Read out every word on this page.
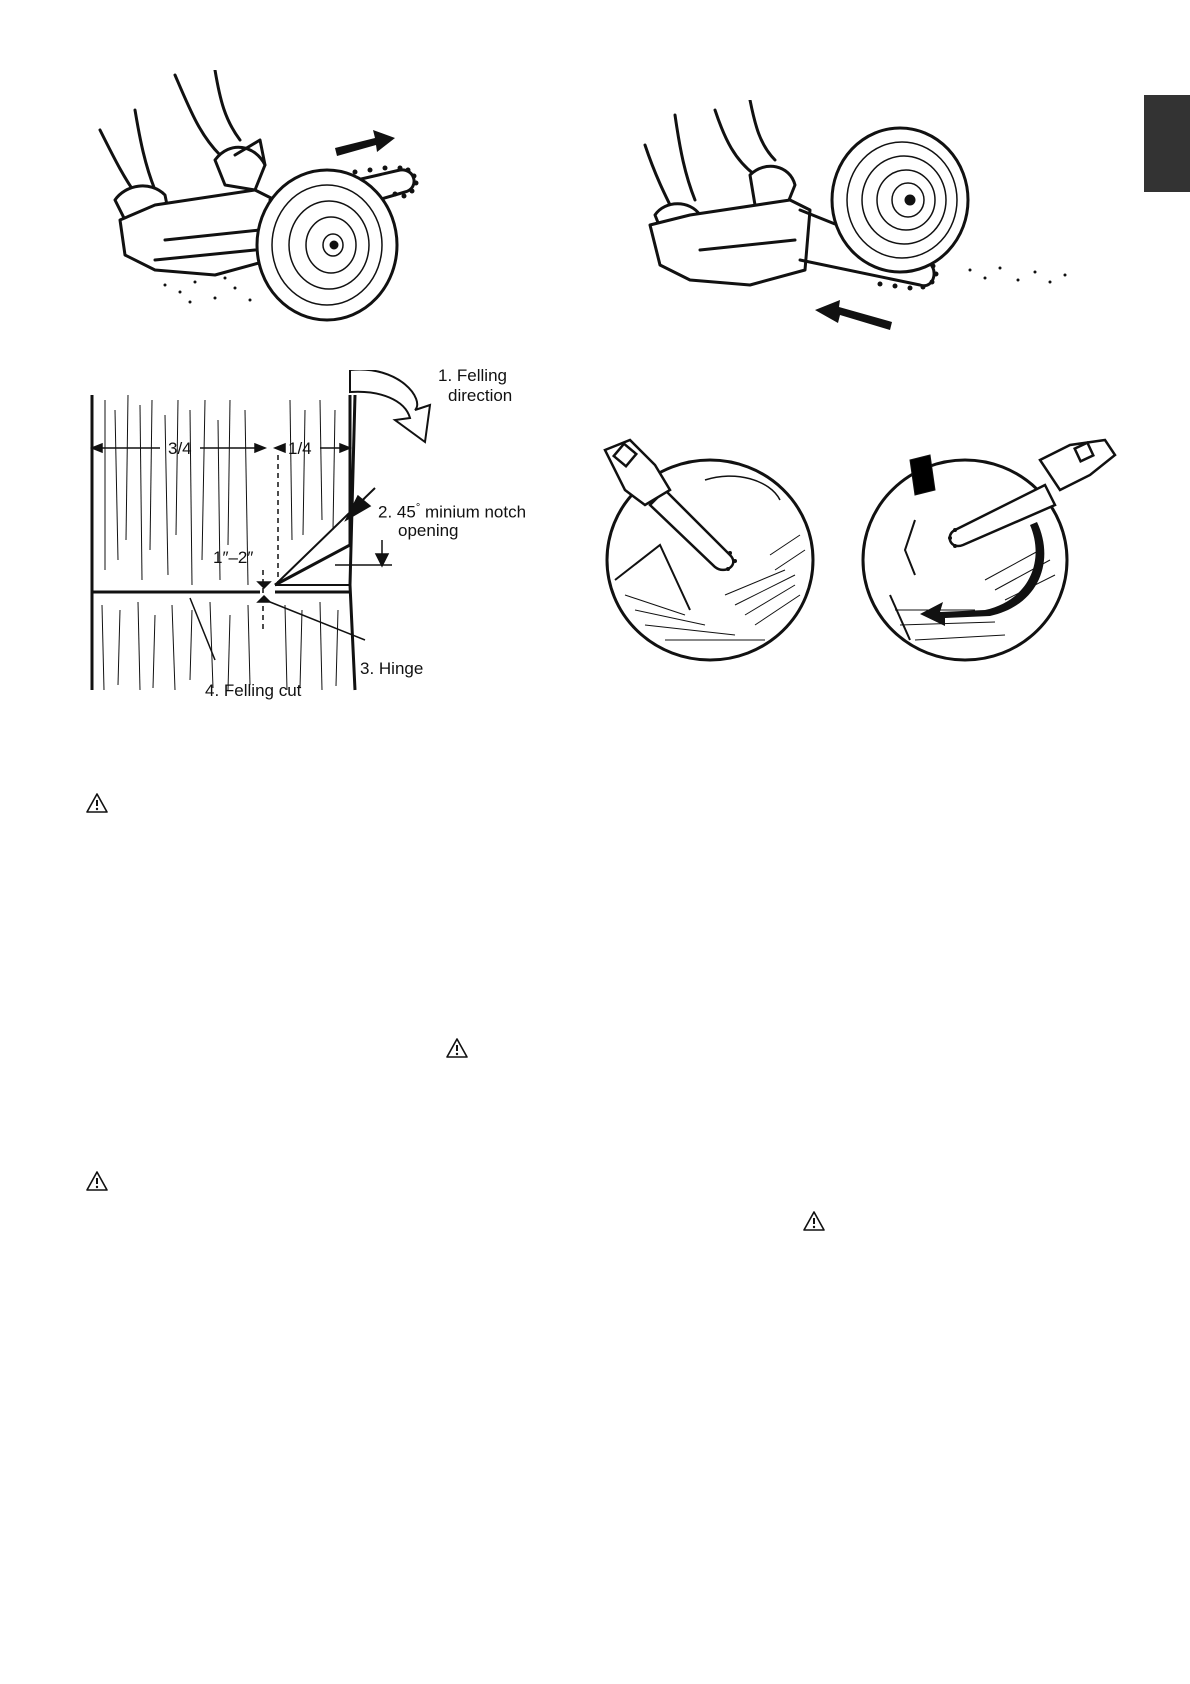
1. Felling
direction
3/4	1/4
2. 45° minium notch
opening
1″–2″
3. Hinge
4. Felling cut
